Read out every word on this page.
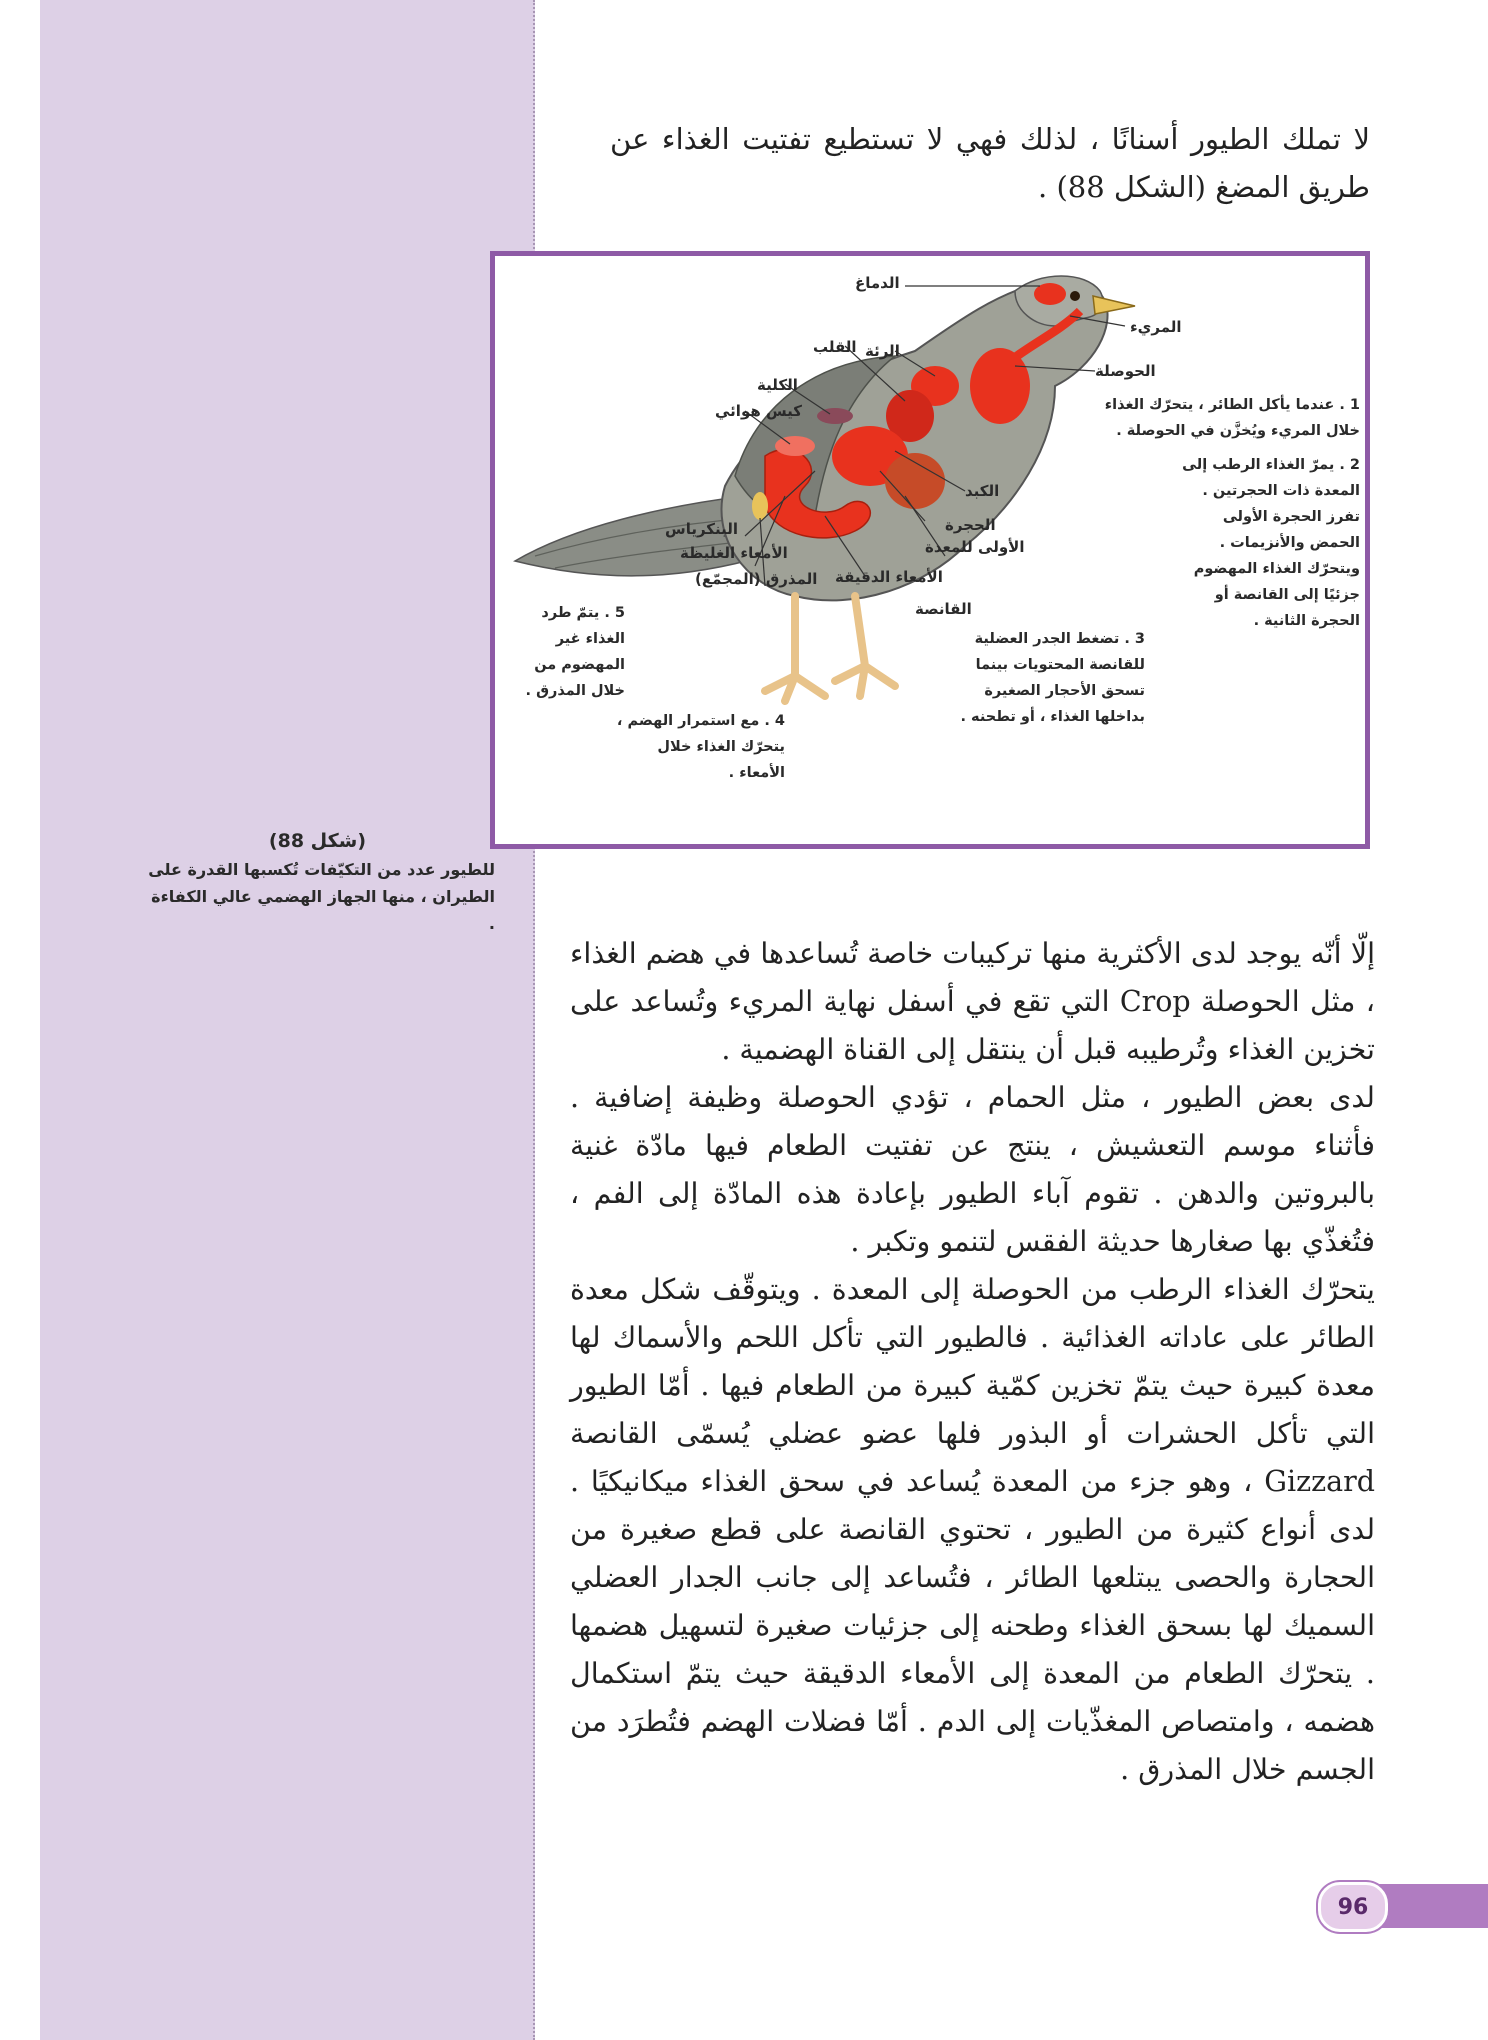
لا تملك الطيور أسنانًا ، لذلك فهي لا تستطيع تفتيت الغذاء عن طريق المضغ (الشكل 88) .
الدماغ
المريء
الرئة
القلب
الحوصلة
الكلية
كيس هوائي
الكبد
الحجرة
الأولى للمعدة
البنكرياس
الأمعاء الغليظة
الأمعاء الدقيقة
المذرق (المجمّع)
القانصة
1 . عندما يأكل الطائر ، يتحرّك الغذاء خلال المريء ويُخزَّن في الحوصلة .
2 . يمرّ الغذاء الرطب إلى المعدة ذات الحجرتين . تفرز الحجرة الأولى الحمض والأنزيمات . ويتحرّك الغذاء المهضوم جزئيًا إلى القانصة أو الحجرة الثانية .
3 . تضغط الجدر العضلية للقانصة المحتويات بينما تسحق الأحجار الصغيرة بداخلها الغذاء ، أو تطحنه .
4 . مع استمرار الهضم ، يتحرّك الغذاء خلال الأمعاء .
5 . يتمّ طرد الغذاء غير المهضوم من خلال المذرق .
(شكل 88)
للطيور عدد من التكيّفات تُكسبها القدرة على الطيران ، منها الجهاز الهضمي عالي الكفاءة .

إلّا أنّه يوجد لدى الأكثرية منها تركيبات خاصة تُساعدها في هضم الغذاء ، مثل الحوصلة Crop التي تقع في أسفل نهاية المريء وتُساعد على تخزين الغذاء وتُرطيبه قبل أن ينتقل إلى القناة الهضمية .

لدى بعض الطيور ، مثل الحمام ، تؤدي الحوصلة وظيفة إضافية . فأثناء موسم التعشيش ، ينتج عن تفتيت الطعام فيها مادّة غنية بالبروتين والدهن . تقوم آباء الطيور بإعادة هذه المادّة إلى الفم ، فتُغذّي بها صغارها حديثة الفقس لتنمو وتكبر .

يتحرّك الغذاء الرطب من الحوصلة إلى المعدة . ويتوقّف شكل معدة الطائر على عاداته الغذائية . فالطيور التي تأكل اللحم والأسماك لها معدة كبيرة حيث يتمّ تخزين كمّية كبيرة من الطعام فيها . أمّا الطيور التي تأكل الحشرات أو البذور فلها عضو عضلي يُسمّى القانصة Gizzard ، وهو جزء من المعدة يُساعد في سحق الغذاء ميكانيكيًا . لدى أنواع كثيرة من الطيور ، تحتوي القانصة على قطع صغيرة من الحجارة والحصى يبتلعها الطائر ، فتُساعد إلى جانب الجدار العضلي السميك لها بسحق الغذاء وطحنه إلى جزئيات صغيرة لتسهيل هضمها . يتحرّك الطعام من المعدة إلى الأمعاء الدقيقة حيث يتمّ استكمال هضمه ، وامتصاص المغذّيات إلى الدم . أمّا فضلات الهضم فتُطرَد من الجسم خلال المذرق .

96
